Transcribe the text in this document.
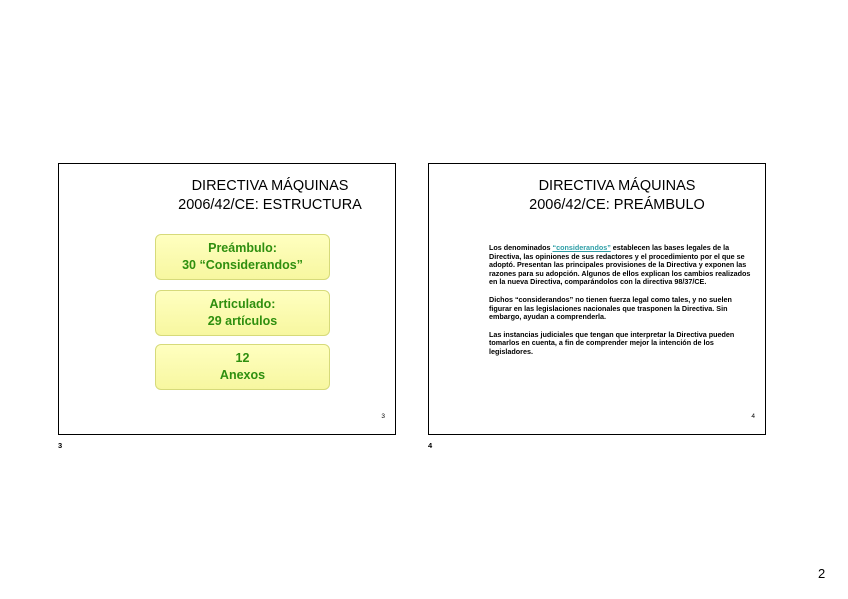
DIRECTIVA MÁQUINAS
2006/42/CE: ESTRUCTURA
Preámbulo:
30 “Considerandos”
Articulado:
29 artículos
12
Anexos
3
3
DIRECTIVA MÁQUINAS
2006/42/CE: PREÁMBULO

Los denominados “considerandos” establecen las bases legales de la Directiva, las opiniones de sus redactores y el procedimiento por el que se adoptó. Presentan las principales provisiones de la Directiva y exponen las razones para su adopción. Algunos de ellos explican los cambios realizados en la nueva Directiva, comparándolos con la directiva 98/37/CE.

Dichos “considerandos” no tienen fuerza legal como tales, y no suelen figurar en las legislaciones nacionales que trasponen la Directiva. Sin embargo, ayudan a comprenderla.

Las instancias judiciales que tengan que interpretar la Directiva pueden tomarlos en cuenta, a fin de comprender mejor la intención de los legisladores.

4
4
2
